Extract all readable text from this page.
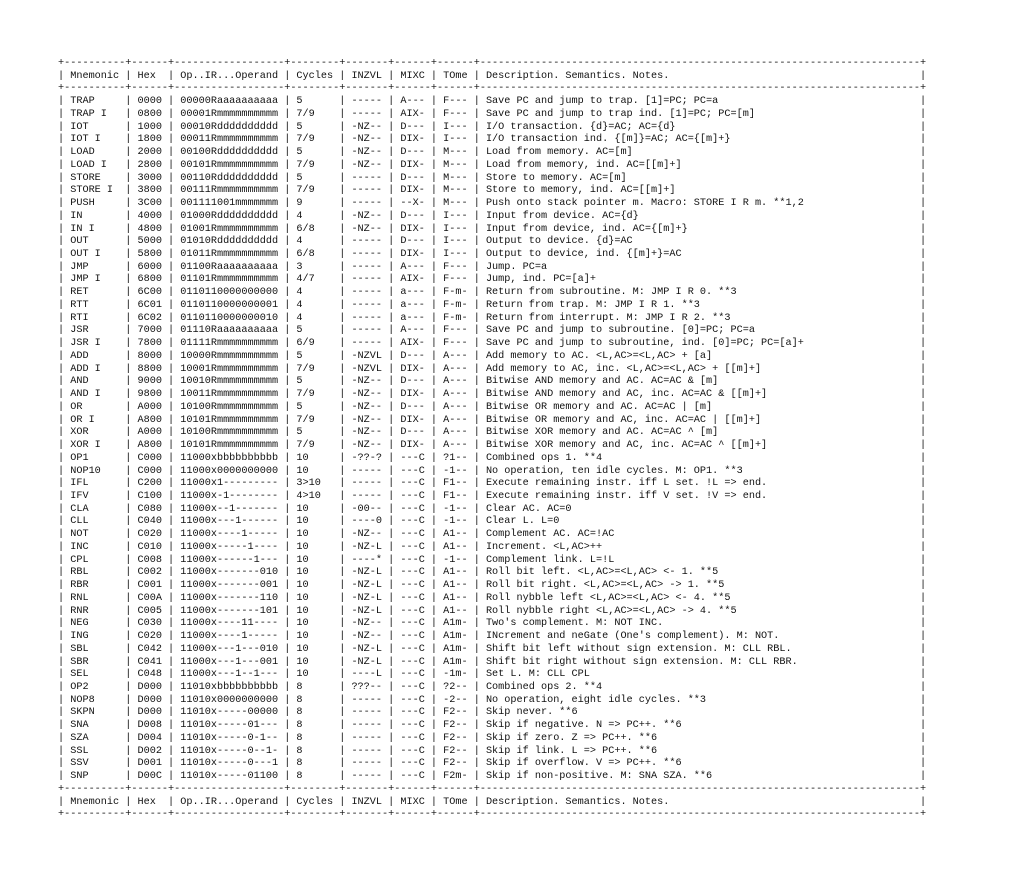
+----------+------+------------------+--------+-------+------+------+------------------------------------------------------------------------+
| Mnemonic | Hex  | Op..IR...Operand | Cycles | INZVL | MIXC | TOme | Description. Semantics. Notes.                                         |
+----------+------+------------------+--------+-------+------+------+------------------------------------------------------------------------+
| TRAP     | 0000 | 00000Raaaaaaaaaa | 5      | ----- | A--- | F--- | Save PC and jump to trap. [1]=PC; PC=a                                 |
| TRAP I   | 0800 | 00001Rmmmmmmmmmm | 7/9    | ----- | AIX- | F--- | Save PC and jump to trap ind. [1]=PC; PC=[m]                           |
| IOT      | 1000 | 00010Rdddddddddd | 5      | -NZ-- | D--- | I--- | I/O transaction. {d}=AC; AC={d}                                        |
| IOT I    | 1800 | 00011Rmmmmmmmmmm | 7/9    | -NZ-- | DIX- | I--- | I/O transaction ind. {[m]}=AC; AC={[m]+}                               |
| LOAD     | 2000 | 00100Rdddddddddd | 5      | -NZ-- | D--- | M--- | Load from memory. AC=[m]                                               |
| LOAD I   | 2800 | 00101Rmmmmmmmmmm | 7/9    | -NZ-- | DIX- | M--- | Load from memory, ind. AC=[[m]+]                                       |
| STORE    | 3000 | 00110Rdddddddddd | 5      | ----- | D--- | M--- | Store to memory. AC=[m]                                                |
| STORE I  | 3800 | 00111Rmmmmmmmmmm | 7/9    | ----- | DIX- | M--- | Store to memory, ind. AC=[[m]+]                                        |
| PUSH     | 3C00 | 001111001mmmmmmm | 9      | ----- | --X- | M--- | Push onto stack pointer m. Macro: STORE I R m. **1,2                   |
| IN       | 4000 | 01000Rdddddddddd | 4      | -NZ-- | D--- | I--- | Input from device. AC={d}                                              |
| IN I     | 4800 | 01001Rmmmmmmmmmm | 6/8    | -NZ-- | DIX- | I--- | Input from device, ind. AC={[m]+}                                      |
| OUT      | 5000 | 01010Rdddddddddd | 4      | ----- | D--- | I--- | Output to device. {d}=AC                                               |
| OUT I    | 5800 | 01011Rmmmmmmmmmm | 6/8    | ----- | DIX- | I--- | Output to device, ind. {[m]+}=AC                                       |
| JMP      | 6000 | 01100Raaaaaaaaaa | 3      | ----- | A--- | F--- | Jump. PC=a                                                             |
| JMP I    | 6800 | 01101Rmmmmmmmmmm | 4/7    | ----- | AIX- | F--- | Jump, ind. PC=[a]+                                                     |
| RET      | 6C00 | 0110110000000000 | 4      | ----- | a--- | F-m- | Return from subroutine. M: JMP I R 0. **3                              |
| RTT      | 6C01 | 0110110000000001 | 4      | ----- | a--- | F-m- | Return from trap. M: JMP I R 1. **3                                    |
| RTI      | 6C02 | 0110110000000010 | 4      | ----- | a--- | F-m- | Return from interrupt. M: JMP I R 2. **3                               |
| JSR      | 7000 | 01110Raaaaaaaaaa | 5      | ----- | A--- | F--- | Save PC and jump to subroutine. [0]=PC; PC=a                           |
| JSR I    | 7800 | 01111Rmmmmmmmmmm | 6/9    | ----- | AIX- | F--- | Save PC and jump to subroutine, ind. [0]=PC; PC=[a]+                   |
| ADD      | 8000 | 10000Rmmmmmmmmmm | 5      | -NZVL | D--- | A--- | Add memory to AC. <L,AC>=<L,AC> + [a]                                  |
| ADD I    | 8800 | 10001Rmmmmmmmmmm | 7/9    | -NZVL | DIX- | A--- | Add memory to AC, inc. <L,AC>=<L,AC> + [[m]+]                          |
| AND      | 9000 | 10010Rmmmmmmmmmm | 5      | -NZ-- | D--- | A--- | Bitwise AND memory and AC. AC=AC & [m]                                 |
| AND I    | 9800 | 10011Rmmmmmmmmmm | 7/9    | -NZ-- | DIX- | A--- | Bitwise AND memory and AC, inc. AC=AC & [[m]+]                         |
| OR       | A000 | 10100Rmmmmmmmmmm | 5      | -NZ-- | D--- | A--- | Bitwise OR memory and AC. AC=AC | [m]                                  |
| OR I     | A800 | 10101Rmmmmmmmmmm | 7/9    | -NZ-- | DIX- | A--- | Bitwise OR memory and AC, inc. AC=AC | [[m]+]                          |
| XOR      | A000 | 10100Rmmmmmmmmmm | 5      | -NZ-- | D--- | A--- | Bitwise XOR memory and AC. AC=AC ^ [m]                                 |
| XOR I    | A800 | 10101Rmmmmmmmmmm | 7/9    | -NZ-- | DIX- | A--- | Bitwise XOR memory and AC, inc. AC=AC ^ [[m]+]                         |
| OP1      | C000 | 11000xbbbbbbbbbb | 10     | -??-? | ---C | ?1-- | Combined ops 1. **4                                                    |
| NOP10    | C000 | 11000x0000000000 | 10     | ----- | ---C | -1-- | No operation, ten idle cycles. M: OP1. **3                             |
| IFL      | C200 | 11000x1--------- | 3>10   | ----- | ---C | F1-- | Execute remaining instr. iff L set. !L => end.                         |
| IFV      | C100 | 11000x-1-------- | 4>10   | ----- | ---C | F1-- | Execute remaining instr. iff V set. !V => end.                         |
| CLA      | C080 | 11000x--1------- | 10     | -00-- | ---C | -1-- | Clear AC. AC=0                                                         |
| CLL      | C040 | 11000x---1------ | 10     | ----0 | ---C | -1-- | Clear L. L=0                                                           |
| NOT      | C020 | 11000x----1----- | 10     | -NZ-- | ---C | A1-- | Complement AC. AC=!AC                                                  |
| INC      | C010 | 11000x-----1---- | 10     | -NZ-L | ---C | A1-- | Increment. <L,AC>++                                                    |
| CPL      | C008 | 11000x------1--- | 10     | ----* | ---C | -1-- | Complement link. L=!L                                                  |
| RBL      | C002 | 11000x-------010 | 10     | -NZ-L | ---C | A1-- | Roll bit left. <L,AC>=<L,AC> <- 1. **5                                 |
| RBR      | C001 | 11000x-------001 | 10     | -NZ-L | ---C | A1-- | Roll bit right. <L,AC>=<L,AC> -> 1. **5                                |
| RNL      | C00A | 11000x-------110 | 10     | -NZ-L | ---C | A1-- | Roll nybble left <L,AC>=<L,AC> <- 4. **5                               |
| RNR      | C005 | 11000x-------101 | 10     | -NZ-L | ---C | A1-- | Roll nybble right <L,AC>=<L,AC> -> 4. **5                              |
| NEG      | C030 | 11000x----11---- | 10     | -NZ-- | ---C | A1m- | Two's complement. M: NOT INC.                                          |
| ING      | C020 | 11000x----1----- | 10     | -NZ-- | ---C | A1m- | INcrement and neGate (One's complement). M: NOT.                       |
| SBL      | C042 | 11000x---1---010 | 10     | -NZ-L | ---C | A1m- | Shift bit left without sign extension. M: CLL RBL.                     |
| SBR      | C041 | 11000x---1---001 | 10     | -NZ-L | ---C | A1m- | Shift bit right without sign extension. M: CLL RBR.                    |
| SEL      | C048 | 11000x---1--1--- | 10     | ----L | ---C | -1m- | Set L. M: CLL CPL                                                      |
| OP2      | D000 | 11010xbbbbbbbbbb | 8      | ???-- | ---C | ?2-- | Combined ops 2. **4                                                    |
| NOP8     | D000 | 11010x0000000000 | 8      | ----- | ---C | -2-- | No operation, eight idle cycles. **3                                   |
| SKPN     | D000 | 11010x-----00000 | 8      | ----- | ---C | F2-- | Skip never. **6                                                        |
| SNA      | D008 | 11010x-----01--- | 8      | ----- | ---C | F2-- | Skip if negative. N => PC++. **6                                       |
| SZA      | D004 | 11010x-----0-1-- | 8      | ----- | ---C | F2-- | Skip if zero. Z => PC++. **6                                           |
| SSL      | D002 | 11010x-----0--1- | 8      | ----- | ---C | F2-- | Skip if link. L => PC++. **6                                           |
| SSV      | D001 | 11010x-----0---1 | 8      | ----- | ---C | F2-- | Skip if overflow. V => PC++. **6                                       |
| SNP      | D00C | 11010x-----01100 | 8      | ----- | ---C | F2m- | Skip if non-positive. M: SNA SZA. **6                                  |
+----------+------+------------------+--------+-------+------+------+------------------------------------------------------------------------+
| Mnemonic | Hex  | Op..IR...Operand | Cycles | INZVL | MIXC | TOme | Description. Semantics. Notes.                                         |
+----------+------+------------------+--------+-------+------+------+------------------------------------------------------------------------+
